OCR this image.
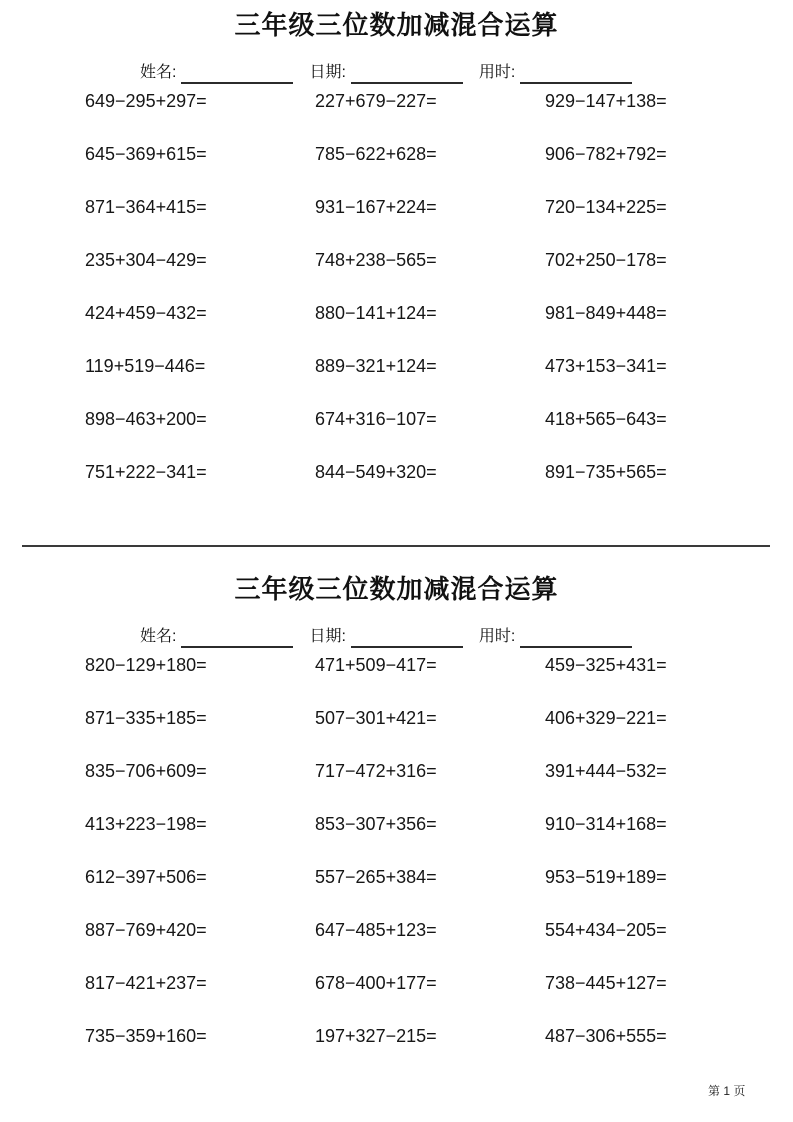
三年级三位数加减混合运算
姓名:	日期:	用时:
649−295+297=	227+679−227=	929−147+138=
645−369+615=	785−622+628=	906−782+792=
871−364+415=	931−167+224=	720−134+225=
235+304−429=	748+238−565=	702+250−178=
424+459−432=	880−141+124=	981−849+448=
119+519−446=	889−321+124=	473+153−341=
898−463+200=	674+316−107=	418+565−643=
751+222−341=	844−549+320=	891−735+565=
三年级三位数加减混合运算
姓名:	日期:	用时:
820−129+180=	471+509−417=	459−325+431=
871−335+185=	507−301+421=	406+329−221=
835−706+609=	717−472+316=	391+444−532=
413+223−198=	853−307+356=	910−314+168=
612−397+506=	557−265+384=	953−519+189=
887−769+420=	647−485+123=	554+434−205=
817−421+237=	678−400+177=	738−445+127=
735−359+160=	197+327−215=	487−306+555=
第 1 页
